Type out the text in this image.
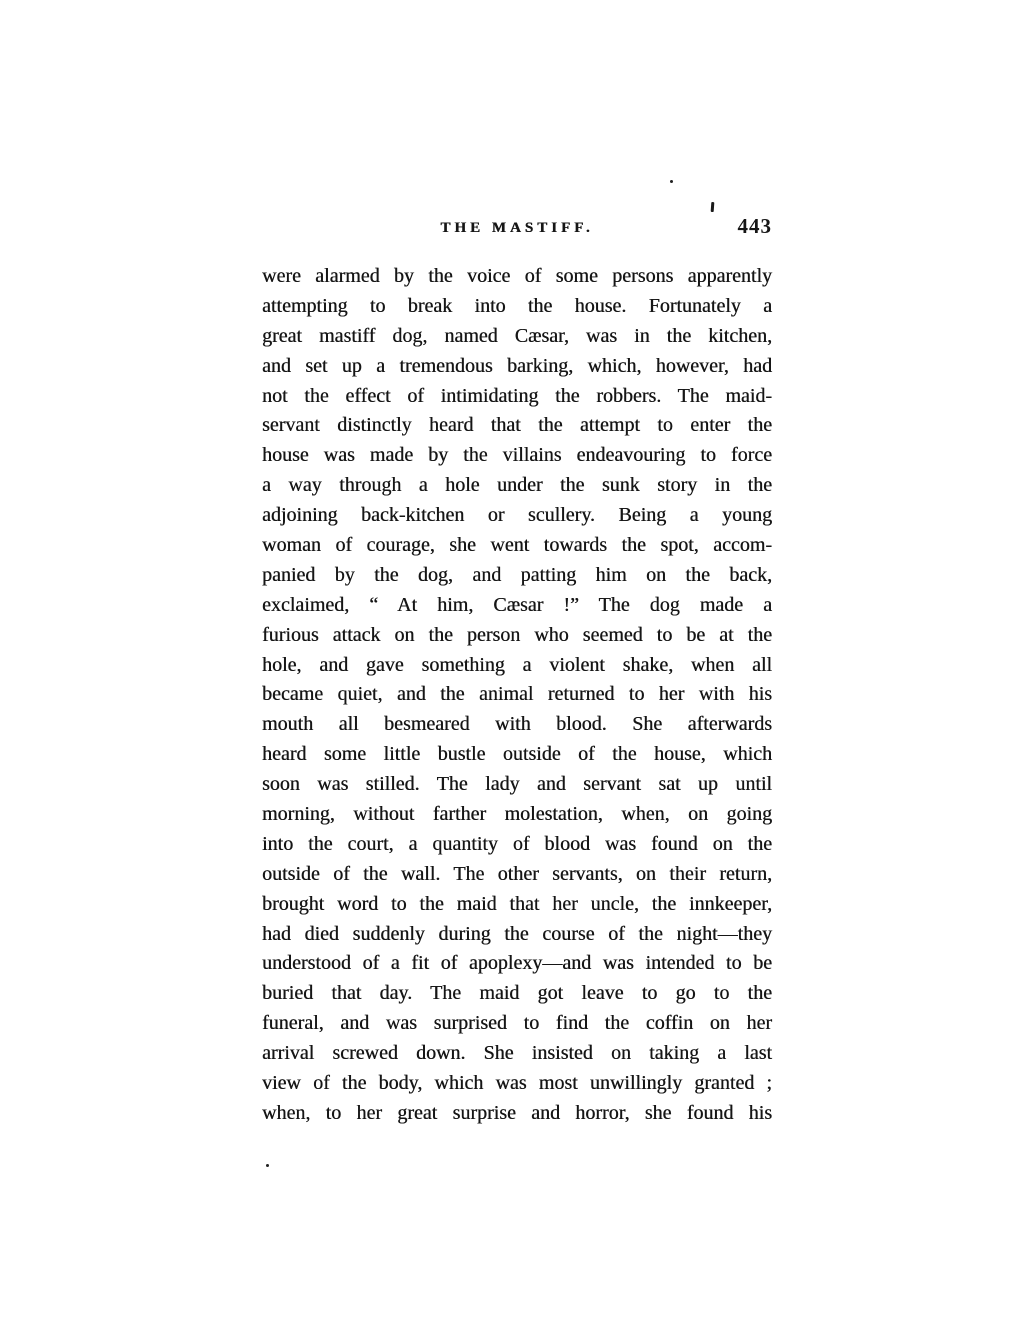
THE MASTIFF.	443
were alarmed by the voice of some persons apparently
attempting to break into the house. Fortunately a
great mastiff dog, named Cæsar, was in the kitchen,
and set up a tremendous barking, which, however, had
not the effect of intimidating the robbers. The maid-
servant distinctly heard that the attempt to enter the
house was made by the villains endeavouring to force
a way through a hole under the sunk story in the
adjoining back-kitchen or scullery. Being a young
woman of courage, she went towards the spot, accom-
panied by the dog, and patting him on the back,
exclaimed, “ At him, Cæsar !” The dog made a
furious attack on the person who seemed to be at the
hole, and gave something a violent shake, when all
became quiet, and the animal returned to her with his
mouth all besmeared with blood. She afterwards
heard some little bustle outside of the house, which
soon was stilled. The lady and servant sat up until
morning, without farther molestation, when, on going
into the court, a quantity of blood was found on the
outside of the wall. The other servants, on their return,
brought word to the maid that her uncle, the innkeeper,
had died suddenly during the course of the night—they
understood of a fit of apoplexy—and was intended to be
buried that day. The maid got leave to go to the
funeral, and was surprised to find the coffin on her
arrival screwed down. She insisted on taking a last
view of the body, which was most unwillingly granted ;
when, to her great surprise and horror, she found his
